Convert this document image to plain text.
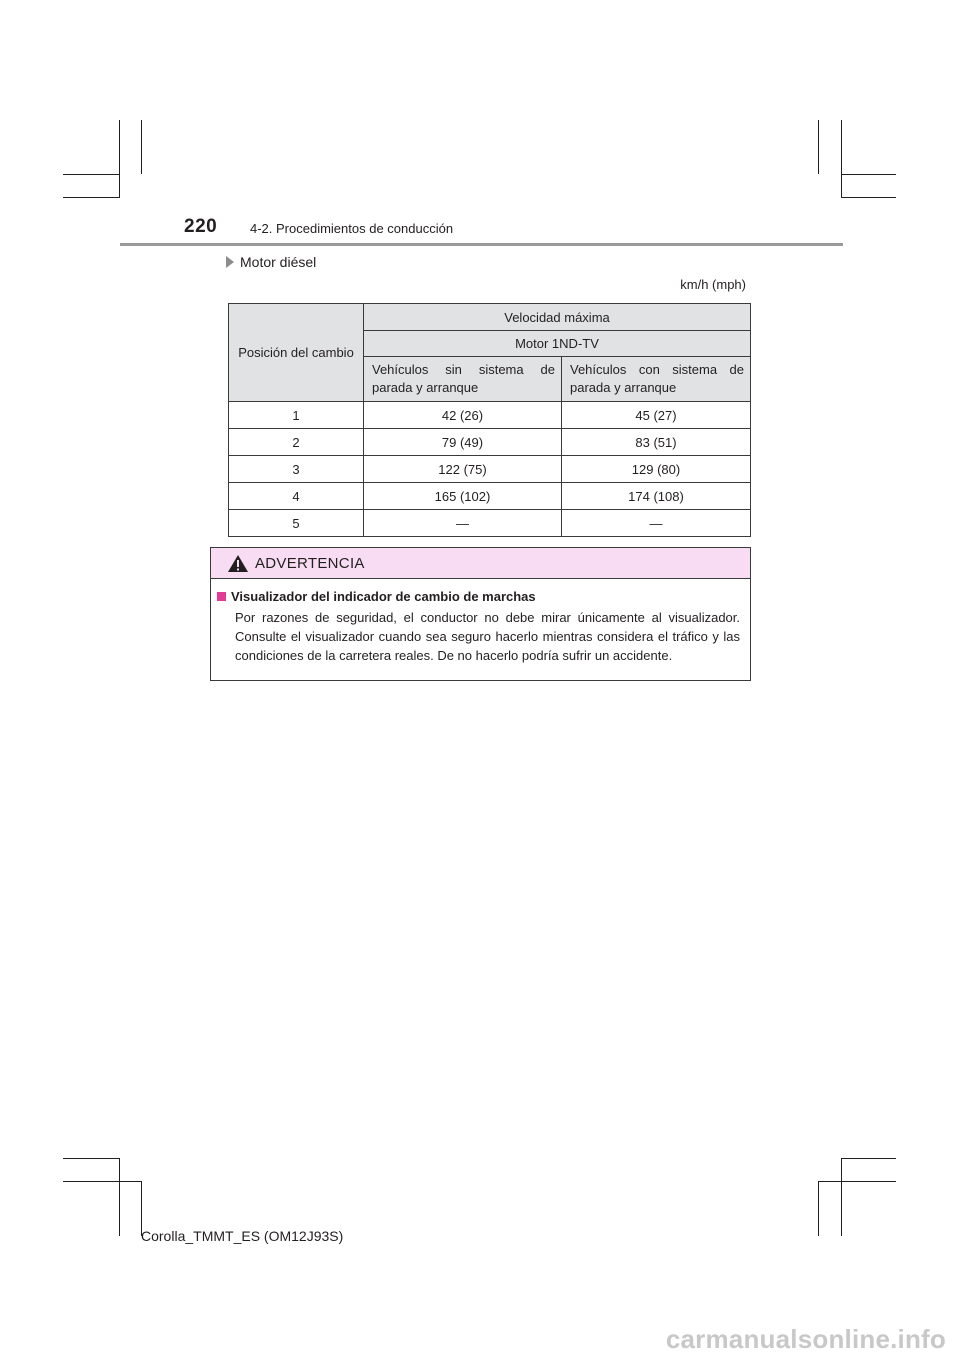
220	4-2. Procedimientos de conducción
Motor diésel
km/h (mph)
Posición del cambio	Velocidad máxima	
	Motor 1ND-TV	
	Vehículos sin sistema de parada y arranque	Vehículos con sistema de parada y arranque
1	42 (26)	45 (27)
2	79 (49)	83 (51)
3	122 (75)	129 (80)
4	165 (102)	174 (108)
5	—	—
ADVERTENCIA
Visualizador del indicador de cambio de marchas

Por razones de seguridad, el conductor no debe mirar únicamente al visualizador. Consulte el visualizador cuando sea seguro hacerlo mientras considera el tráfico y las condiciones de la carretera reales. De no hacerlo podría sufrir un accidente.

Corolla_TMMT_ES (OM12J93S)
carmanualsonline.info
